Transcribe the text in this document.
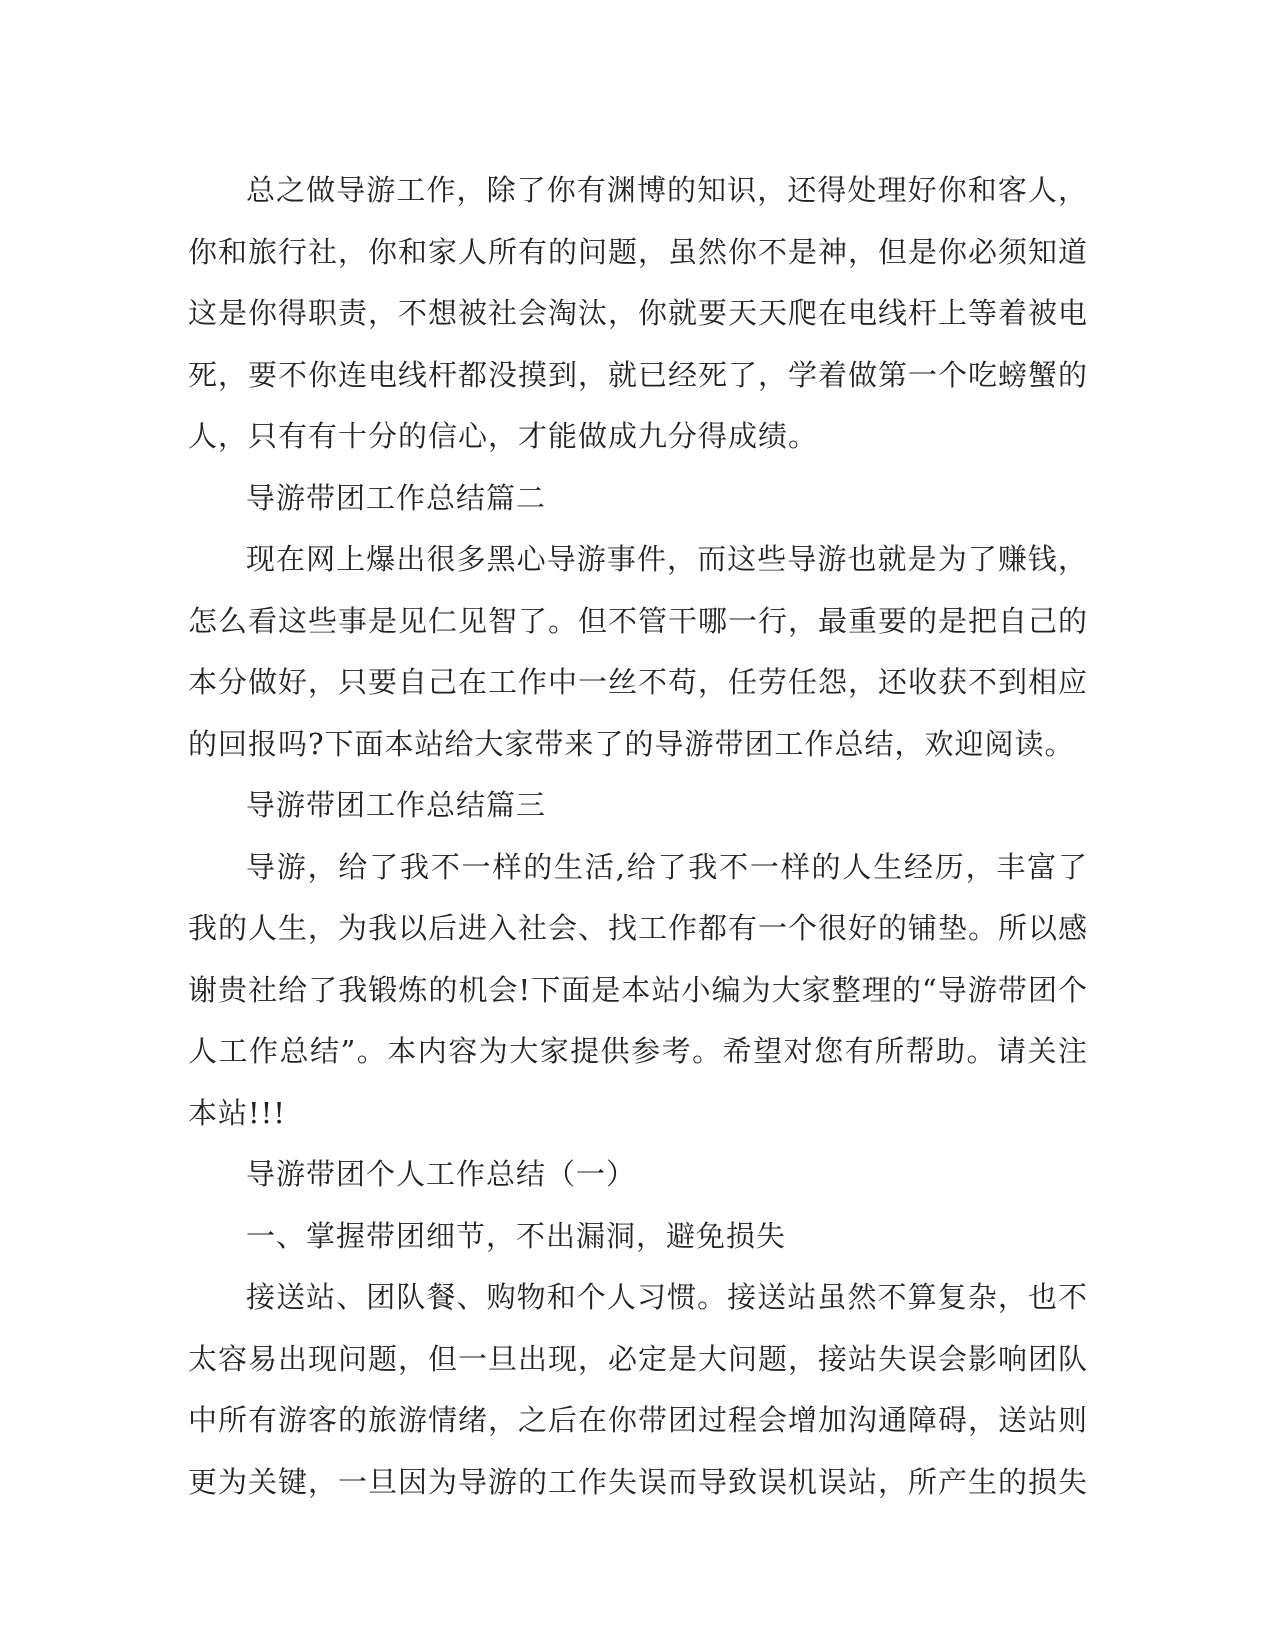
总之做导游工作，除了你有渊博的知识，还得处理好你和客人，你和旅行社，你和家人所有的问题，虽然你不是神，但是你必须知道这是你得职责，不想被社会淘汰，你就要天天爬在电线杆上等着被电死，要不你连电线杆都没摸到，就已经死了，学着做第一个吃螃蟹的人，只有有十分的信心，才能做成九分得成绩。

导游带团工作总结篇二

现在网上爆出很多黑心导游事件，而这些导游也就是为了赚钱，怎么看这些事是见仁见智了。但不管干哪一行，最重要的是把自己的本分做好，只要自己在工作中一丝不苟，任劳任怨，还收获不到相应的回报吗?下面本站给大家带来了的导游带团工作总结，欢迎阅读。

导游带团工作总结篇三

导游，给了我不一样的生活,给了我不一样的人生经历，丰富了我的人生，为我以后进入社会、找工作都有一个很好的铺垫。所以感谢贵社给了我锻炼的机会!下面是本站小编为大家整理的“导游带团个人工作总结”。本内容为大家提供参考。希望对您有所帮助。请关注本站!!!

导游带团个人工作总结（一）

一、掌握带团细节，不出漏洞，避免损失

接送站、团队餐、购物和个人习惯。接送站虽然不算复杂，也不太容易出现问题，但一旦出现，必定是大问题，接站失误会影响团队中所有游客的旅游情绪，之后在你带团过程会增加沟通障碍，送站则更为关键，一旦因为导游的工作失误而导致误机误站，所产生的损失
